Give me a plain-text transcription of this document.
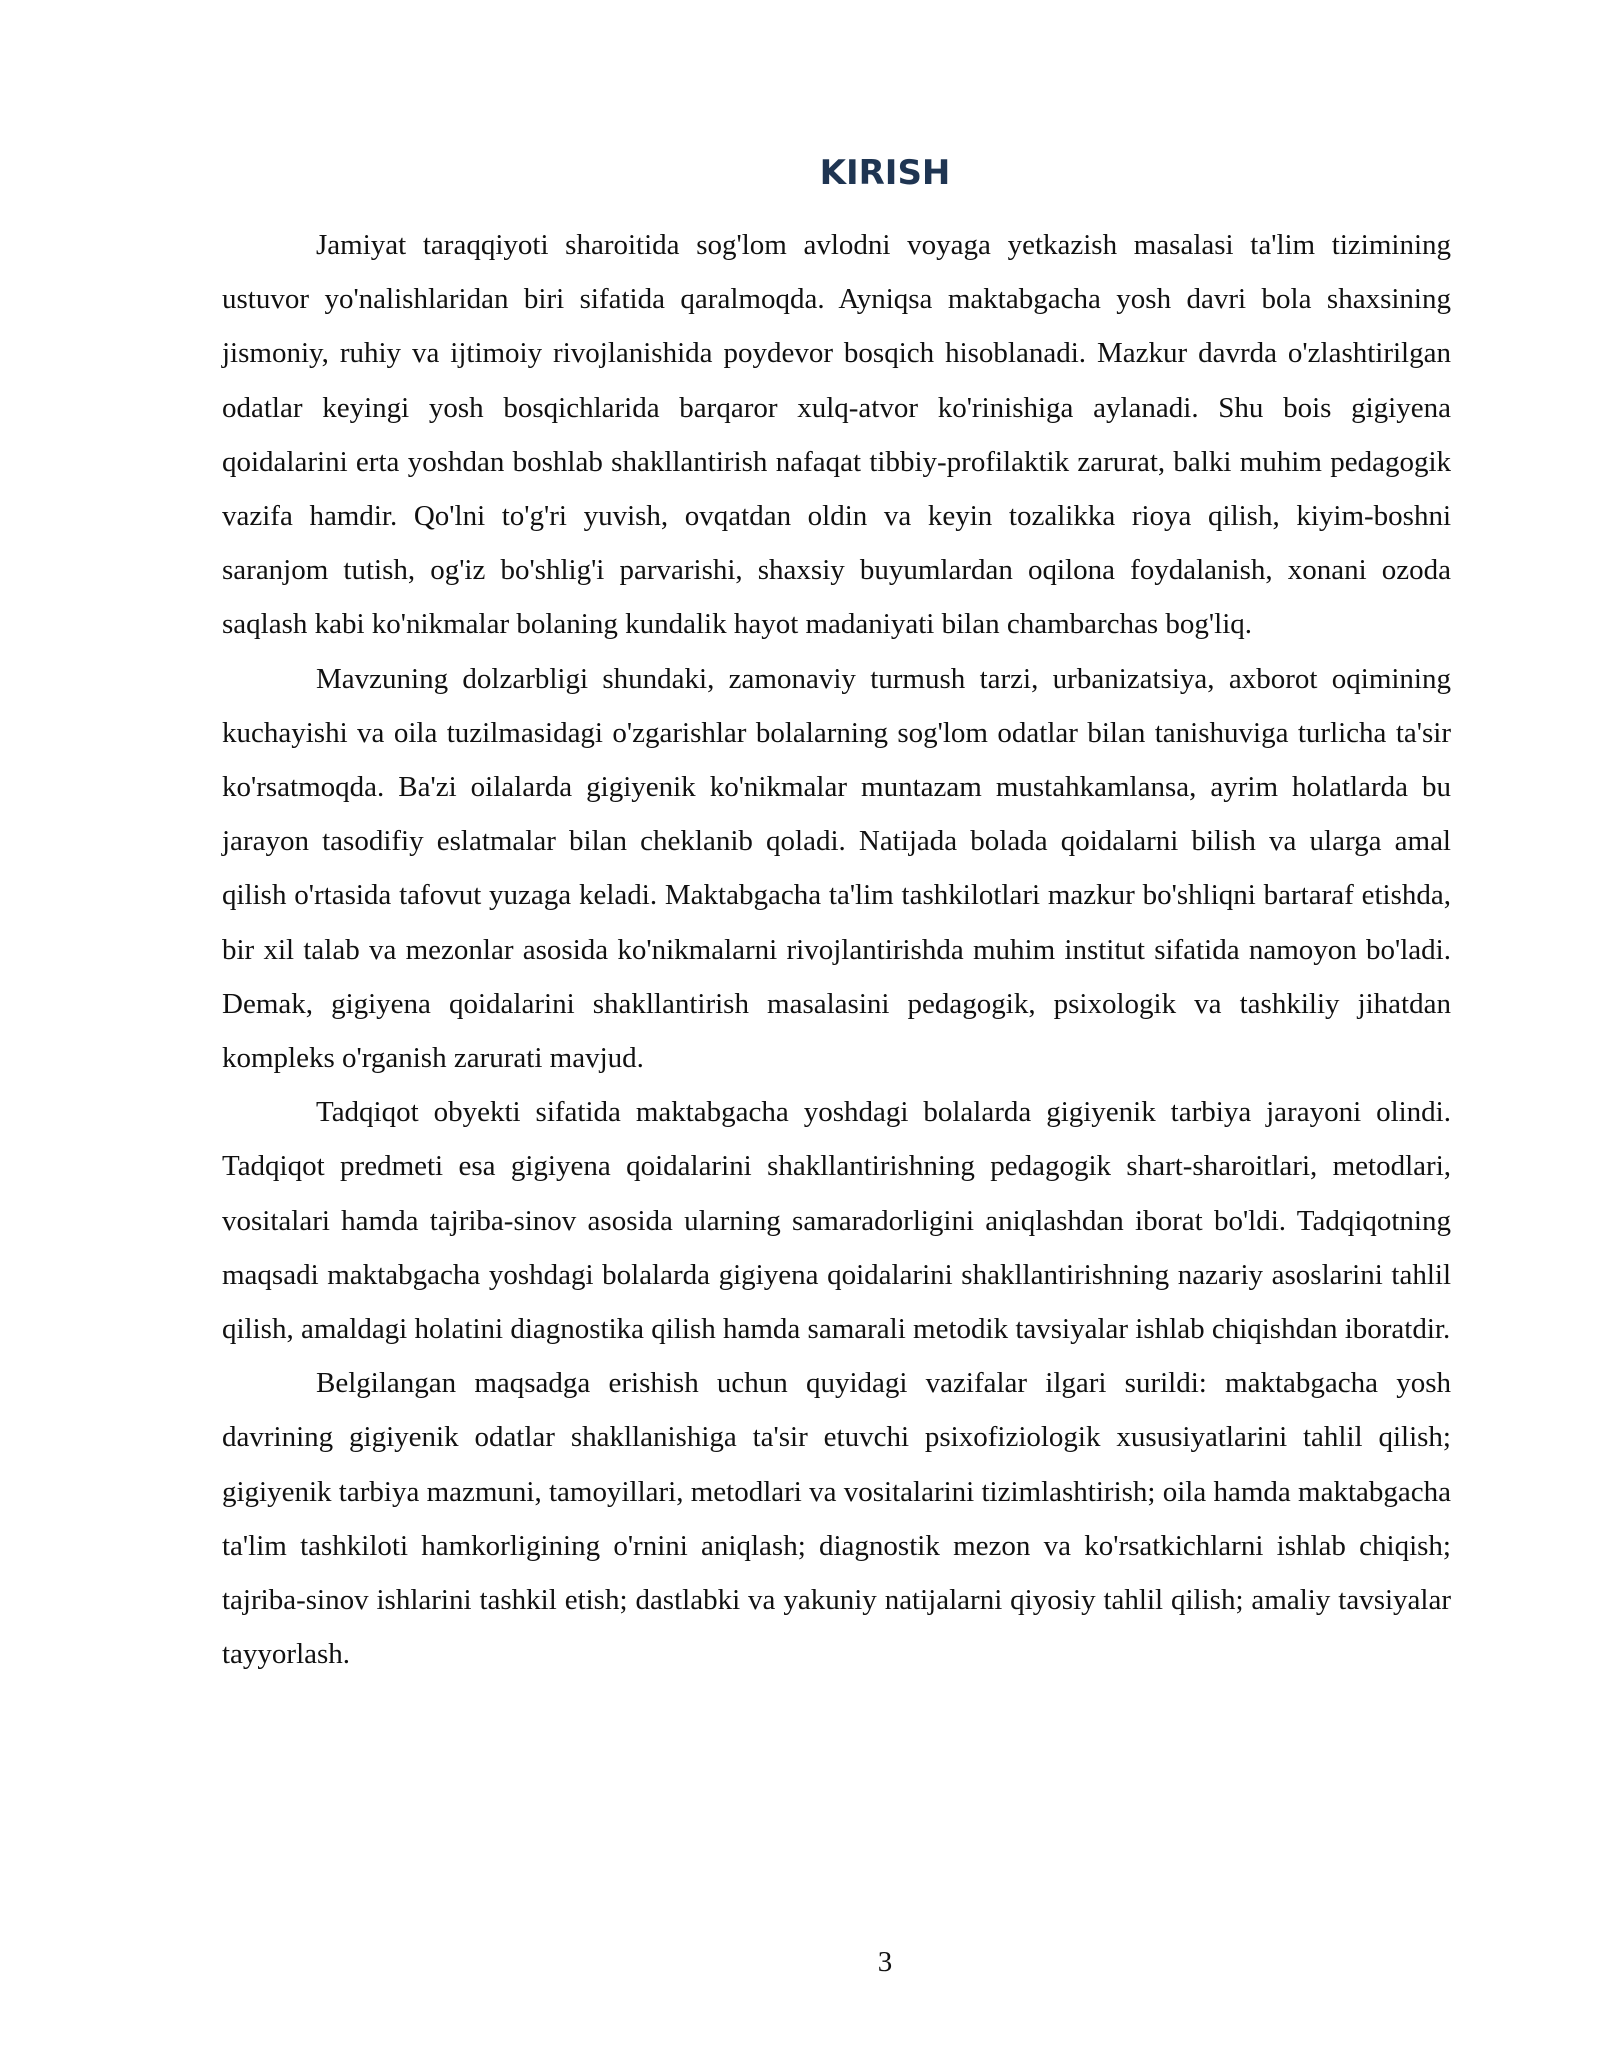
KIRISH

Jamiyat taraqqiyoti sharoitida sog'lom avlodni voyaga yetkazish masalasi ta'lim tizimining ustuvor yo'nalishlaridan biri sifatida qaralmoqda. Ayniqsa maktabgacha yosh davri bola shaxsining jismoniy, ruhiy va ijtimoiy rivojlanishida poydevor bosqich hisoblanadi. Mazkur davrda o'zlashtirilgan odatlar keyingi yosh bosqichlarida barqaror xulq-atvor ko'rinishiga aylanadi. Shu bois gigiyena qoidalarini erta yoshdan boshlab shakllantirish nafaqat tibbiy-profilaktik zarurat, balki muhim pedagogik vazifa hamdir. Qo'lni to'g'ri yuvish, ovqatdan oldin va keyin tozalikka rioya qilish, kiyim-boshni saranjom tutish, og'iz bo'shlig'i parvarishi, shaxsiy buyumlardan oqilona foydalanish, xonani ozoda saqlash kabi ko'nikmalar bolaning kundalik hayot madaniyati bilan chambarchas bog'liq.

Mavzuning dolzarbligi shundaki, zamonaviy turmush tarzi, urbanizatsiya, axborot oqimining kuchayishi va oila tuzilmasidagi o'zgarishlar bolalarning sog'lom odatlar bilan tanishuviga turlicha ta'sir ko'rsatmoqda. Ba'zi oilalarda gigiyenik ko'nikmalar muntazam mustahkamlansa, ayrim holatlarda bu jarayon tasodifiy eslatmalar bilan cheklanib qoladi. Natijada bolada qoidalarni bilish va ularga amal qilish o'rtasida tafovut yuzaga keladi. Maktabgacha ta'lim tashkilotlari mazkur bo'shliqni bartaraf etishda, bir xil talab va mezonlar asosida ko'nikmalarni rivojlantirishda muhim institut sifatida namoyon bo'ladi. Demak, gigiyena qoidalarini shakllantirish masalasini pedagogik, psixologik va tashkiliy jihatdan kompleks o'rganish zarurati mavjud.

Tadqiqot obyekti sifatida maktabgacha yoshdagi bolalarda gigiyenik tarbiya jarayoni olindi. Tadqiqot predmeti esa gigiyena qoidalarini shakllantirishning pedagogik shart-sharoitlari, metodlari, vositalari hamda tajriba-sinov asosida ularning samaradorligini aniqlashdan iborat bo'ldi. Tadqiqotning maqsadi maktabgacha yoshdagi bolalarda gigiyena qoidalarini shakllantirishning nazariy asoslarini tahlil qilish, amaldagi holatini diagnostika qilish hamda samarali metodik tavsiyalar ishlab chiqishdan iboratdir.

Belgilangan maqsadga erishish uchun quyidagi vazifalar ilgari surildi: maktabgacha yosh davrining gigiyenik odatlar shakllanishiga ta'sir etuvchi psixofiziologik xususiyatlarini tahlil qilish; gigiyenik tarbiya mazmuni, tamoyillari, metodlari va vositalarini tizimlashtirish; oila hamda maktabgacha ta'lim tashkiloti hamkorligining o'rnini aniqlash; diagnostik mezon va ko'rsatkichlarni ishlab chiqish; tajriba-sinov ishlarini tashkil etish; dastlabki va yakuniy natijalarni qiyosiy tahlil qilish; amaliy tavsiyalar tayyorlash.

3
